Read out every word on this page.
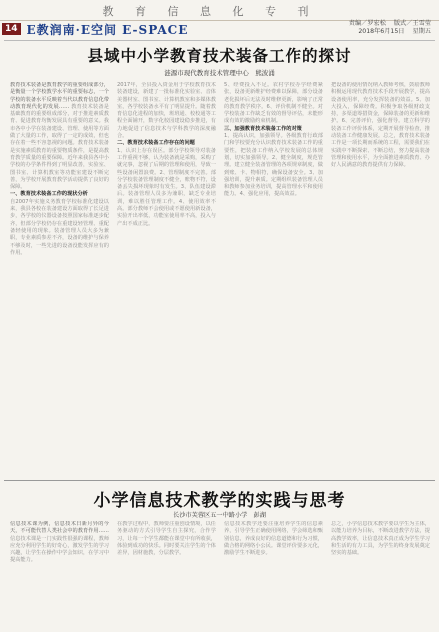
教 育 信 息 化 专 刊
14 E教润南·E空间 E-SPACE	责编／罗宏松 版式／王雪莹
2018年6月15日 星期五
县域中小学教育技术装备工作的探讨
涟源市现代教育技术管理中心　熊波涌
教育技术装备是教育教学的重要组成部分，是衡量一个学校教学水平的重要标志，一个学校的装备水平反映着当代以教育信息化带动教育现代化的发展…… 教育技术装备是基础教育的重要组成部分，对于推进素质教育、促进教育均衡发展具有重要的意义。我市各中小学在装备建设、管理、使用等方面做了大量的工作，取得了一定的成效，但也存在着一些不容忽视的问题。教育技术装备是实施素质教育的重要物质条件，是提高教育教学质量的重要保障。近年来我县各中小学校的办学条件得到了明显改善，实验室、图书室、计算机教室等功能室建设不断完善，为学校开展教育教学活动提供了良好的保障。
一、教育技术装备工作的现状分析
自2007年实施义务教育学校标准化建设以来，我县各校在装备建设方面取得了长足进步，各学校的仪器设备按照国家标准逐步配齐，但部分学校仍存在重建设轻管理、重配备轻使用的现象。装备管理人员大多为兼职，专业素质参差不齐，设备的维护与保养不够及时，一些先进的设备没能发挥应有的作用。
2017年，全县投入资金用于学校教育技术装备建设，新建了一批标准化实验室、音体美器材室、图书室、计算机教室和多媒体教室，各学校装备水平有了明显提升。随着教育信息化进程的加快，班班通、校校通等工程全面铺开，数字化校园建设稳步推进，有力地促进了信息技术与学科教学的深度融合。
二、教育技术装备工作存在的问题
1、认识上存在误区。部分学校领导对装备工作重视不够，认为装备就是采购，采购了就完事，忽视了后期的管理和使用，导致一些设备闲置浪费。2、管理制度不完善。部分学校装备管理制度不健全，账物不符，设备丢失损坏现象时有发生。3、队伍建设滞后。装备管理人员多为兼职，缺乏专业培训，难以胜任管理工作。4、使用效率不高。部分教师不会使用或不愿使用新设备，实验开出率低，功能室使用率不高，投入与产出不成正比。
5、经费投入不足。农村学校办学经费紧张，设备更新维护经费难以保障，部分设备老化损坏后无法及时维修更新，影响了正常的教育教学秩序。6、评价机制不健全。对学校装备工作缺乏有效的督导评估，未能形成有效的激励约束机制。
三、加强教育技术装备工作的对策
1、提高认识，加强领导。各级教育行政部门和学校要充分认识教育技术装备工作的重要性，把装备工作纳入学校发展的总体规划，切实加强领导。2、健全制度，规范管理。建立健全装备管理的各项规章制度，做到账、卡、物相符，确保设备安全。3、加强培训，提升素质。定期组织装备管理人员和教师参加业务培训，提高管理水平和使用能力。4、强化应用，提高效益。
把设备的使用情况纳入教师考核，鼓励教师积极运用现代教育技术手段开展教学，提高设备使用率，充分发挥装备的效益。5、加大投入，保障经费。积极争取各级财政支持，多渠道筹措资金，保障装备的更新和维护。6、完善评价，强化督导。建立科学的装备工作评价体系，定期开展督导检查，推动装备工作健康发展。总之，教育技术装备工作是一项长期而系统的工程，需要我们在实践中不断探索、不断总结，努力提高装备管理和使用水平，为全面推进素质教育、办好人民满意的教育提供有力保障。
小学信息技术教学的实践与思考
长沙市芙蓉区五一中路小学　彭湖
信息技术课为例，信息技术日新月异的今天，不可能代替人类社会中的教育作用…… 信息技术课是一门实践性很强的课程，教师应充分利用学生的好奇心，激发学生的学习兴趣，让学生在操作中学会知识，在学习中提高能力。
在教学过程中，教师要注重创设情境，以任务驱动的方式引导学生自主探究，合作学习，让每一个学生都能在课堂中有所收获，体验到成功的快乐。同时要关注学生的个体差异，因材施教，分层教学。
信息技术教学还要注重培养学生的信息素养，引导学生正确使用网络，学会筛选和甄别信息，养成良好的信息道德和行为习惯，做合格的网络小公民。课堂评价要多元化，激励学生不断进步。
总之，小学信息技术教学要以学生为主体，以能力培养为目标，不断改进教学方法，提高教学效率，让信息技术真正成为学生学习和生活的有力工具，为学生的终身发展奠定坚实的基础。
